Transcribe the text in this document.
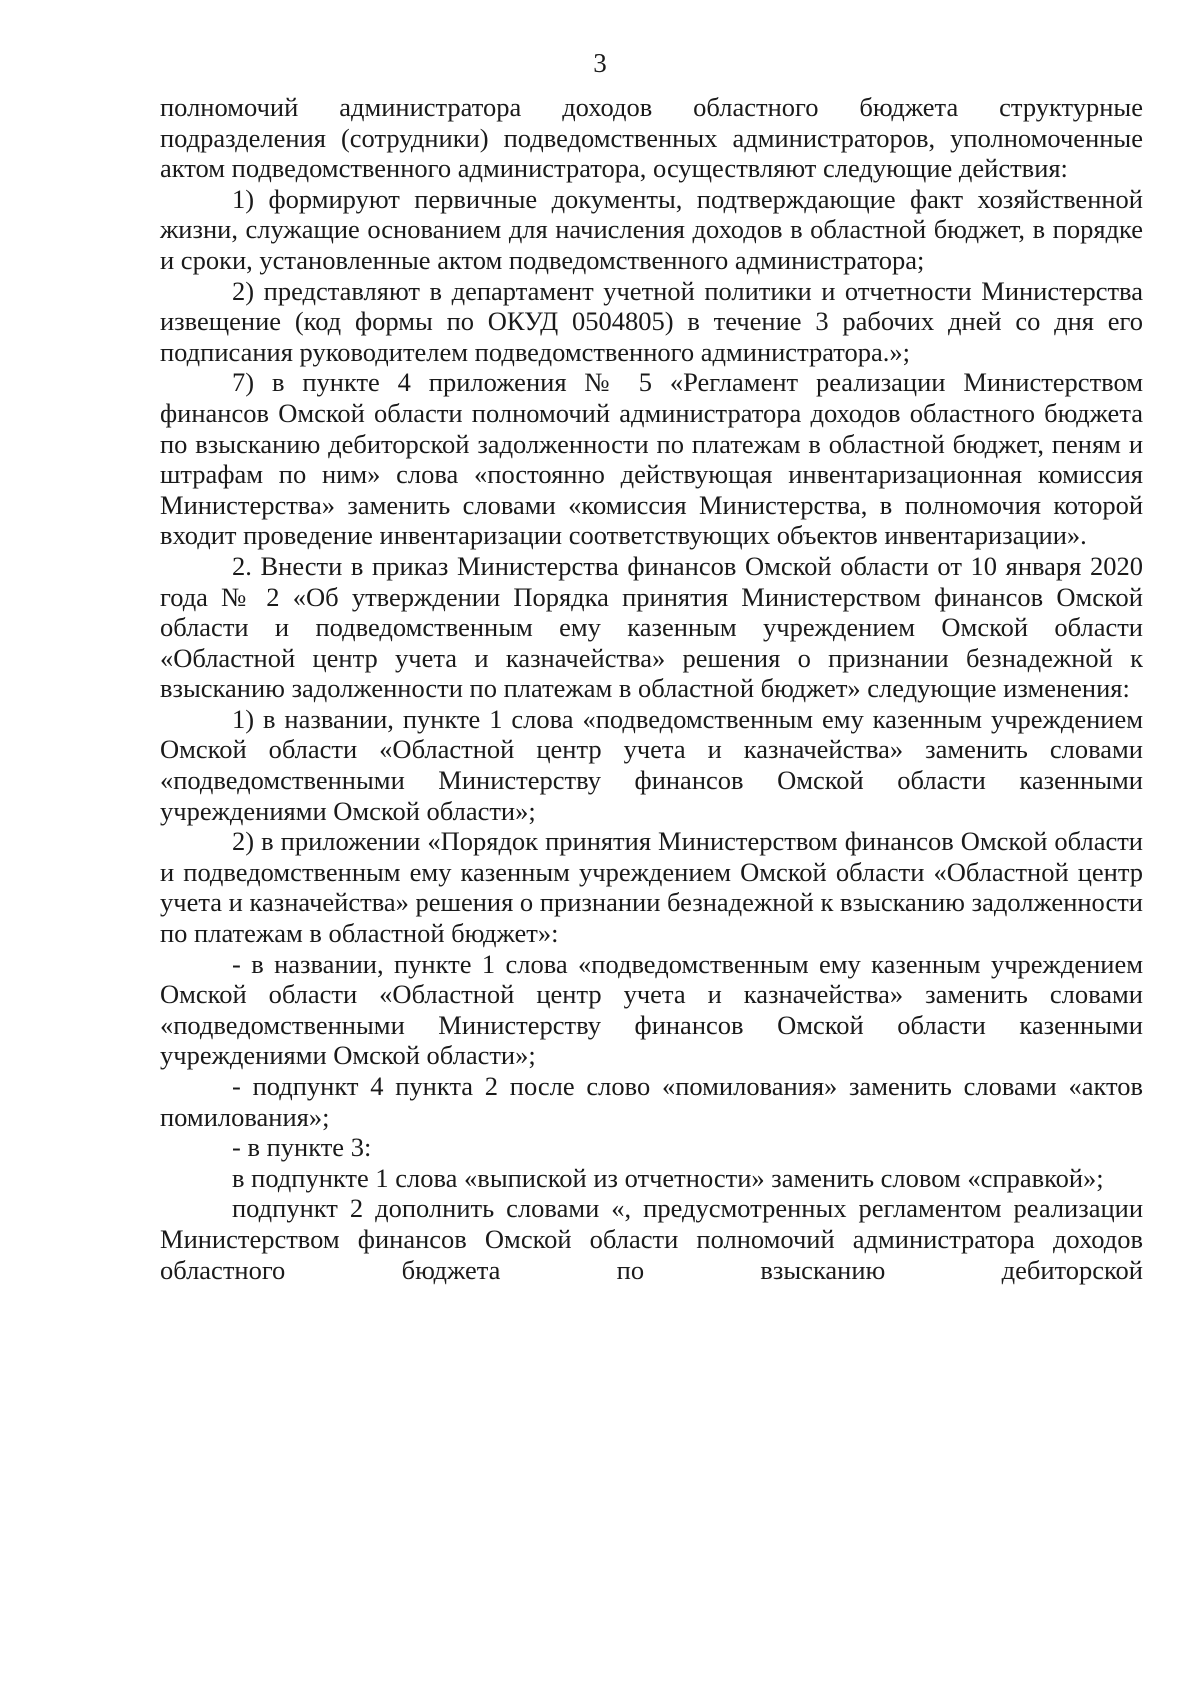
3

полномочий администратора доходов областного бюджета структурные подразделения (сотрудники) подведомственных администраторов, уполномоченные актом подведомственного администратора, осуществляют следующие действия:

1) формируют первичные документы, подтверждающие факт хозяйственной жизни, служащие основанием для начисления доходов в областной бюджет, в порядке и сроки, установленные актом подведомственного администратора;

2) представляют в департамент учетной политики и отчетности Министерства извещение (код формы по ОКУД 0504805) в течение 3 рабочих дней со дня его подписания руководителем подведомственного администратора.»;

7) в пункте 4 приложения № 5 «Регламент реализации Министерством финансов Омской области полномочий администратора доходов областного бюджета по взысканию дебиторской задолженности по платежам в областной бюджет, пеням и штрафам по ним» слова «постоянно действующая инвентаризационная комиссия Министерства» заменить словами «комиссия Министерства, в полномочия которой входит проведение инвентаризации соответствующих объектов инвентаризации».

2. Внести в приказ Министерства финансов Омской области от 10 января 2020 года № 2 «Об утверждении Порядка принятия Министерством финансов Омской области и подведомственным ему казенным учреждением Омской области «Областной центр учета и казначейства» решения о признании безнадежной к взысканию задолженности по платежам в областной бюджет» следующие изменения:

1) в названии, пункте 1 слова «подведомственным ему казенным учреждением Омской области «Областной центр учета и казначейства» заменить словами «подведомственными Министерству финансов Омской области казенными учреждениями Омской области»;

2) в приложении «Порядок принятия Министерством финансов Омской области и подведомственным ему казенным учреждением Омской области «Областной центр учета и казначейства» решения о признании безнадежной к взысканию задолженности по платежам в областной бюджет»:

- в названии, пункте 1 слова «подведомственным ему казенным учреждением Омской области «Областной центр учета и казначейства» заменить словами «подведомственными Министерству финансов Омской области казенными учреждениями Омской области»;

- подпункт 4 пункта 2 после слово «помилования» заменить словами «актов помилования»;

- в пункте 3:

в подпункте 1 слова «выпиской из отчетности» заменить словом «справкой»;

подпункт 2 дополнить словами «, предусмотренных регламентом реализации Министерством финансов Омской области полномочий администратора доходов областного бюджета по взысканию дебиторской
